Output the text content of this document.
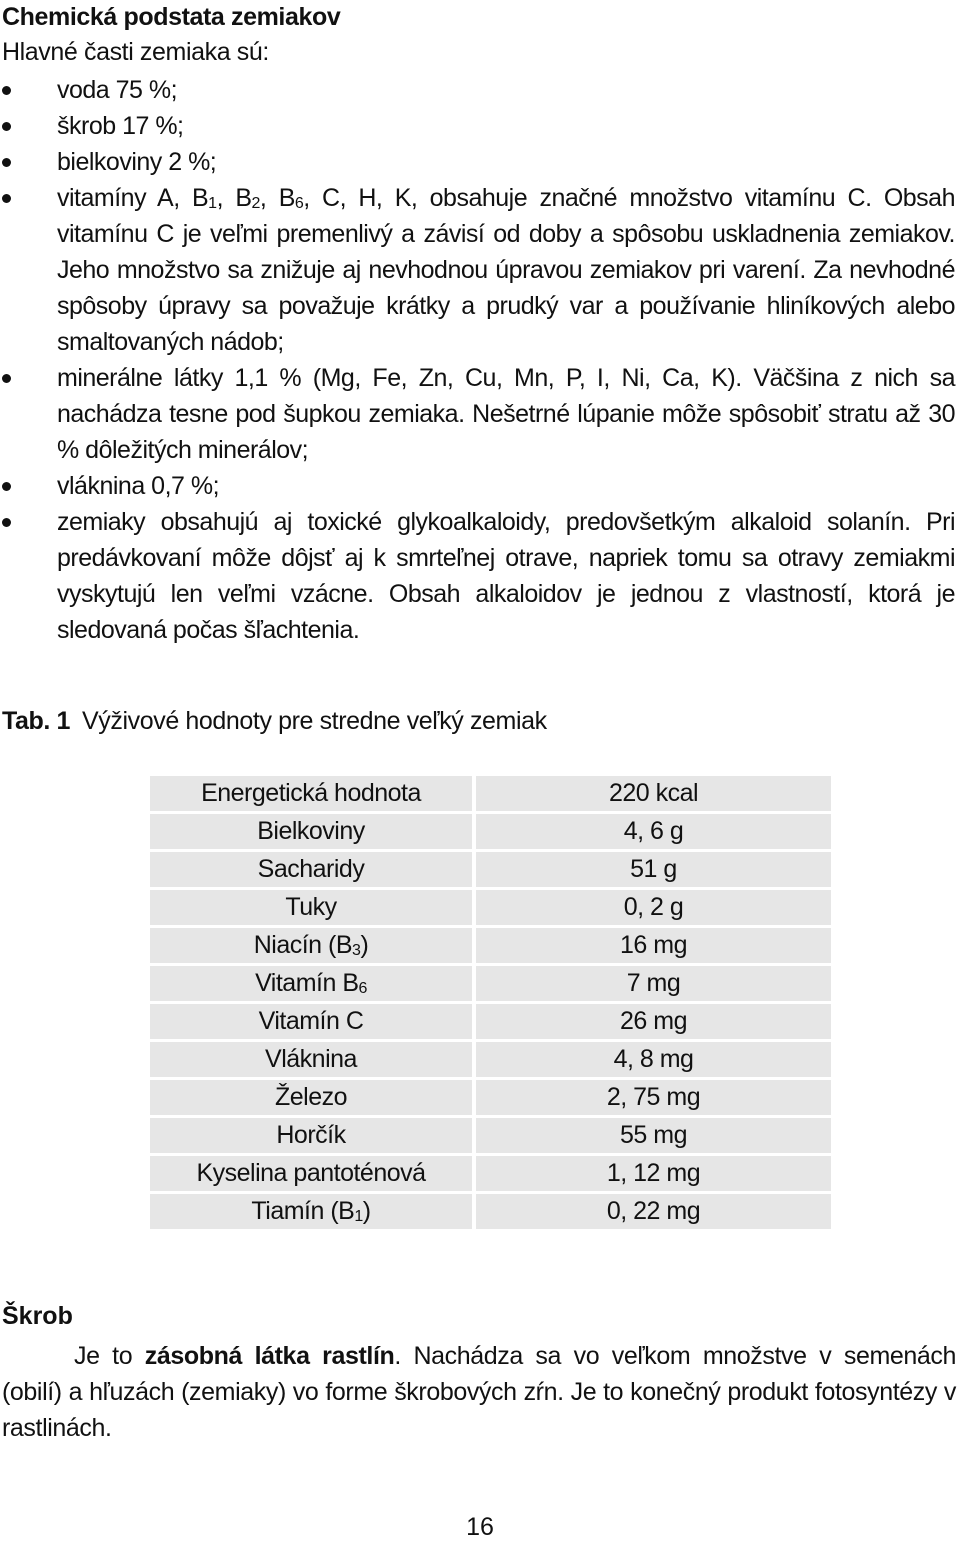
Chemická podstata zemiakov
Hlavné časti zemiaka sú:
voda 75 %;
škrob 17 %;
bielkoviny 2 %;
vitamíny A, $B_1$, $B_2$, $B_6$, C, H, K, obsahuje značné množstvo vitamínu C. Obsah vitamínu C je veľmi premenlivý a závisí od doby a spôsobu uskladnenia zemiakov. Jeho množstvo sa znižuje aj nevhodnou úpravou zemiakov pri varení. Za nevhodné spôsoby úpravy sa považuje krátky a prudký var a používanie hliníkových alebo smaltovaných nádob;
minerálne látky 1,1 % (Mg, Fe, Zn, Cu, Mn, P, I, Ni, Ca, K). Väčšina z nich sa nachádza tesne pod šupkou zemiaka. Nešetrné lúpanie môže spôsobiť stratu až 30 % dôležitých minerálov;
vláknina 0,7 %;
zemiaky obsahujú aj toxické glykoalkaloidy, predovšetkým alkaloid solanín. Pri predávkovaní môže dôjsť aj k smrteľnej otrave, napriek tomu sa otravy zemiakmi vyskytujú len veľmi vzácne. Obsah alkaloidov je jednou z vlastností, ktorá je sledovaná počas šľachtenia.
Tab. 1 Výživové hodnoty pre stredne veľký zemiak
Energetická hodnota	220 kcal
Bielkoviny	4, 6 g
Sacharidy	51 g
Tuky	0, 2 g
Niacín $(B_3)$	16 mg
Vitamín $B_6$	7 mg
Vitamín C	26 mg
Vláknina	4, 8 mg
Železo	2, 75 mg
Horčík	55 mg
Kyselina pantoténová	1, 12 mg
Tiamín $(B_1)$	0, 22 mg
Škrob
Je to zásobná látka rastlín. Nachádza sa vo veľkom množstve v semenách (obilí) a hľuzách (zemiaky) vo forme škrobových zŕn. Je to konečný produkt fotosyntézy v rastlinách.
16
